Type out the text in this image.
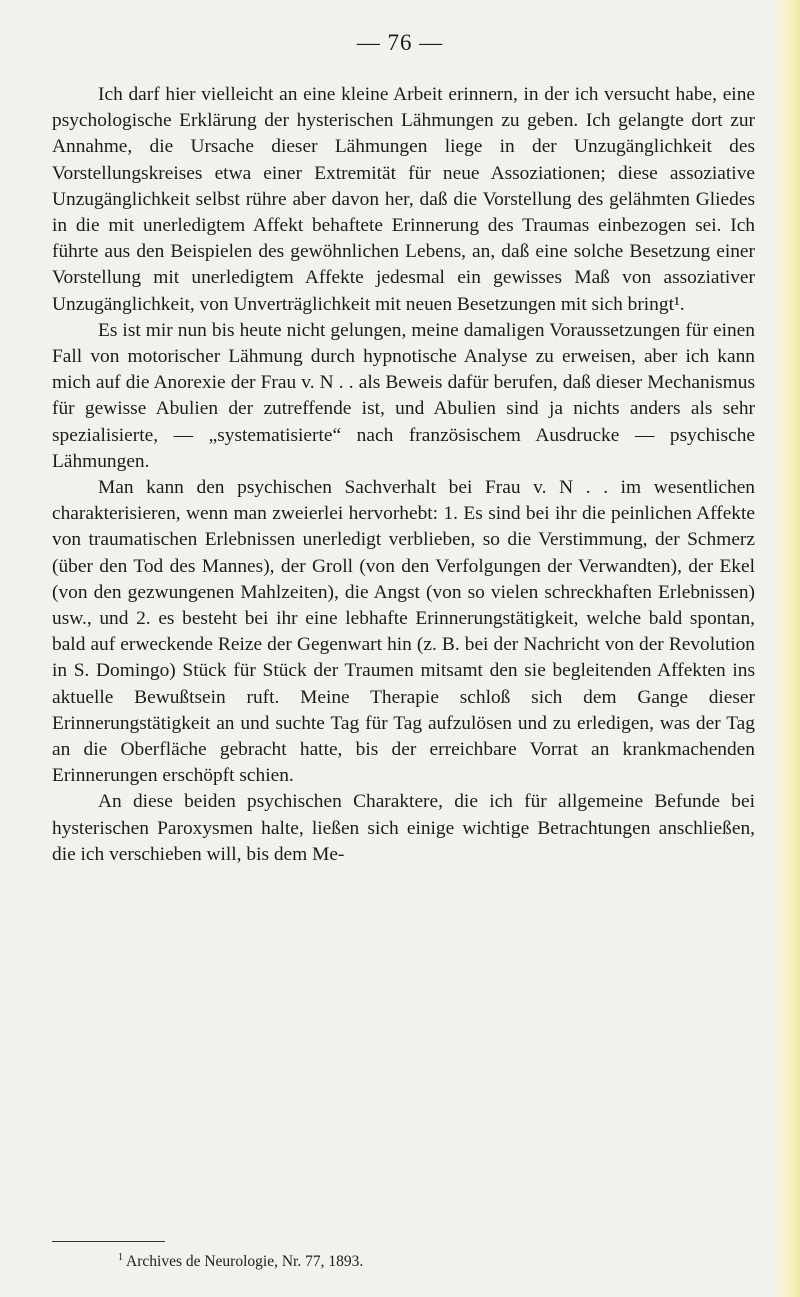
— 76 —

Ich darf hier vielleicht an eine kleine Arbeit erinnern, in der ich versucht habe, eine psychologische Erklärung der hysterischen Lähmungen zu geben. Ich gelangte dort zur Annahme, die Ursache dieser Lähmungen liege in der Unzugänglichkeit des Vorstellungskreises etwa einer Extremität für neue Assoziationen; diese assoziative Unzugänglichkeit selbst rühre aber davon her, daß die Vorstellung des gelähmten Gliedes in die mit unerledigtem Affekt behaftete Erinnerung des Traumas einbezogen sei. Ich führte aus den Beispielen des gewöhnlichen Lebens, an, daß eine solche Besetzung einer Vorstellung mit unerledigtem Affekte jedesmal ein gewisses Maß von assoziativer Unzugänglichkeit, von Unverträglichkeit mit neuen Besetzungen mit sich bringt¹.

Es ist mir nun bis heute nicht gelungen, meine damaligen Voraussetzungen für einen Fall von motorischer Lähmung durch hypnotische Analyse zu erweisen, aber ich kann mich auf die Anorexie der Frau v. N . . als Beweis dafür berufen, daß dieser Mechanismus für gewisse Abulien der zutreffende ist, und Abulien sind ja nichts anders als sehr spezialisierte, — „systematisierte“ nach französischem Ausdrucke — psychische Lähmungen.

Man kann den psychischen Sachverhalt bei Frau v. N . . im wesentlichen charakterisieren, wenn man zweierlei hervorhebt: 1. Es sind bei ihr die peinlichen Affekte von traumatischen Erlebnissen unerledigt verblieben, so die Verstimmung, der Schmerz (über den Tod des Mannes), der Groll (von den Verfolgungen der Verwandten), der Ekel (von den gezwungenen Mahlzeiten), die Angst (von so vielen schreckhaften Erlebnissen) usw., und 2. es besteht bei ihr eine lebhafte Erinnerungstätigkeit, welche bald spontan, bald auf erweckende Reize der Gegenwart hin (z. B. bei der Nachricht von der Revolution in S. Domingo) Stück für Stück der Traumen mitsamt den sie begleitenden Affekten ins aktuelle Bewußtsein ruft. Meine Therapie schloß sich dem Gange dieser Erinnerungstätigkeit an und suchte Tag für Tag aufzulösen und zu erledigen, was der Tag an die Oberfläche gebracht hatte, bis der erreichbare Vorrat an krankmachenden Erinnerungen erschöpft schien.

An diese beiden psychischen Charaktere, die ich für allgemeine Befunde bei hysterischen Paroxysmen halte, ließen sich einige wichtige Betrachtungen anschließen, die ich verschieben will, bis dem Me-

$^1$ Archives de Neurologie, Nr. 77, 1893.
